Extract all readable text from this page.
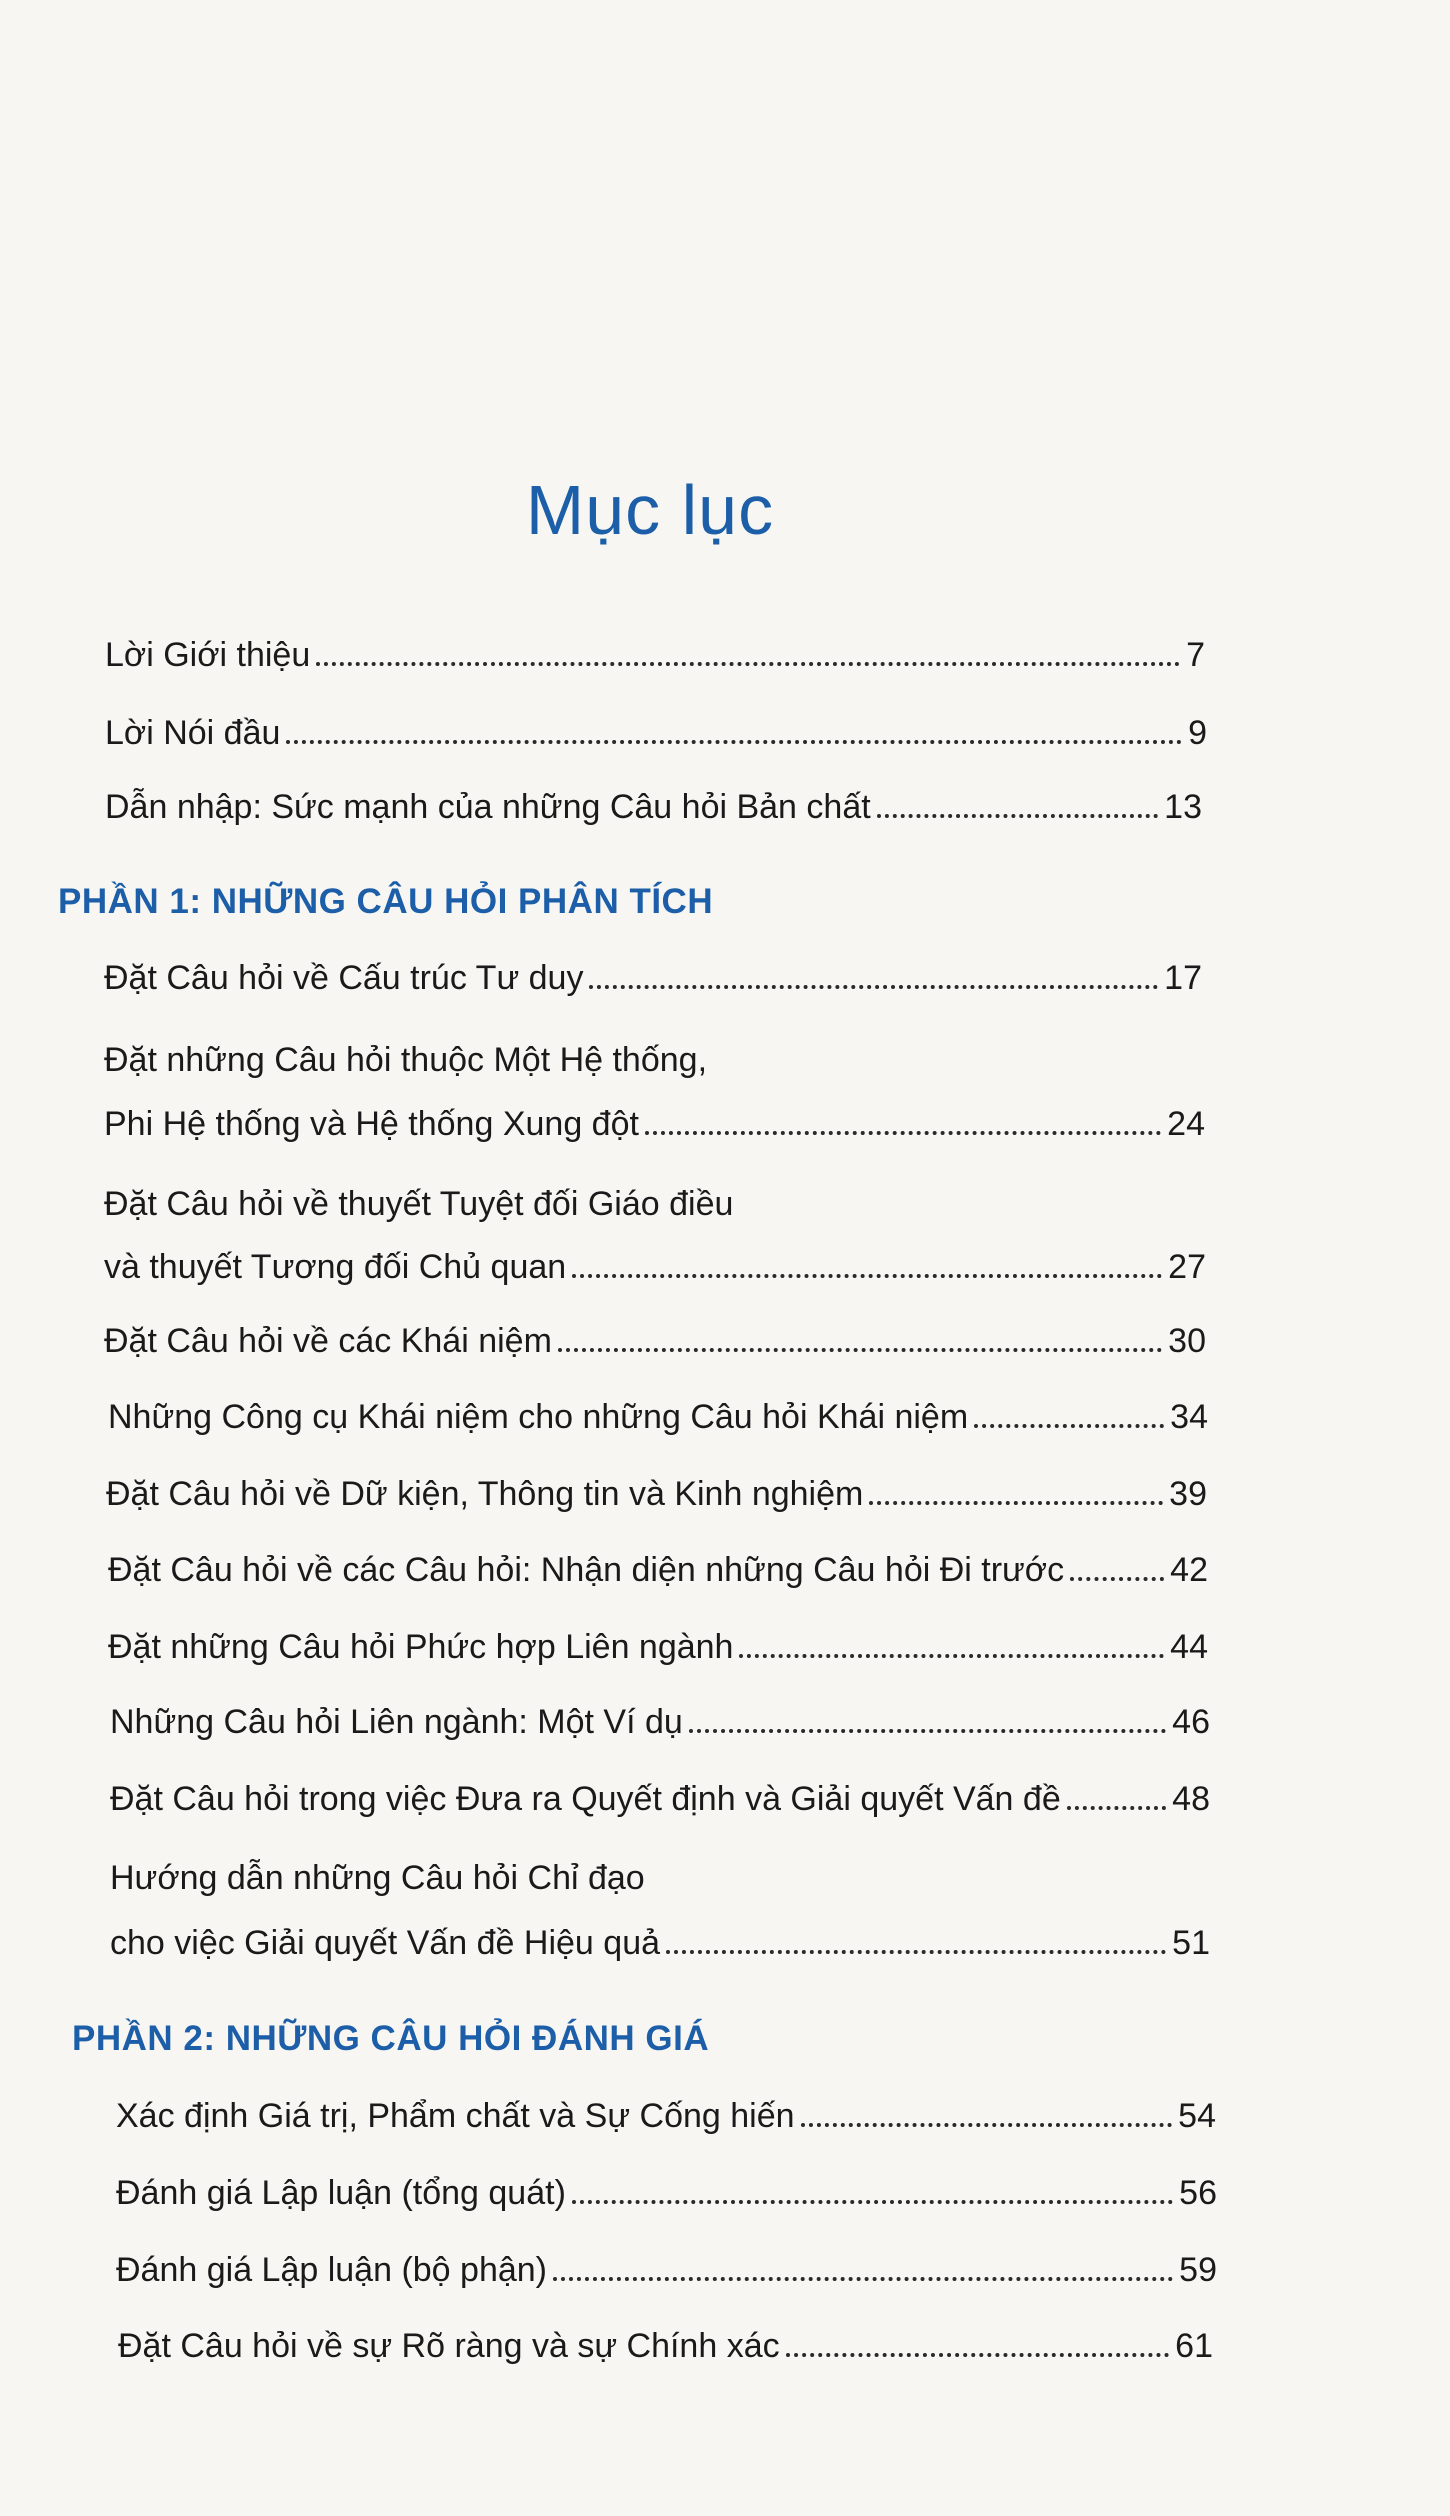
Mục lục
Lời Giới thiệu	7
Lời Nói đầu	9
Dẫn nhập: Sức mạnh của những Câu hỏi Bản chất	13
PHẦN 1: NHỮNG CÂU HỎI PHÂN TÍCH
Đặt Câu hỏi về Cấu trúc Tư duy	17
Đặt những Câu hỏi thuộc Một Hệ thống,
Phi Hệ thống và Hệ thống Xung đột	24
Đặt Câu hỏi về thuyết Tuyệt đối Giáo điều
và thuyết Tương đối Chủ quan	27
Đặt Câu hỏi về các Khái niệm	30
Những Công cụ Khái niệm cho những Câu hỏi Khái niệm	34
Đặt Câu hỏi về Dữ kiện, Thông tin và Kinh nghiệm	39
Đặt Câu hỏi về các Câu hỏi: Nhận diện những Câu hỏi Đi trước	42
Đặt những Câu hỏi Phức hợp Liên ngành	44
Những Câu hỏi Liên ngành: Một Ví dụ	46
Đặt Câu hỏi trong việc Đưa ra Quyết định và Giải quyết Vấn đề	48
Hướng dẫn những Câu hỏi Chỉ đạo
cho việc Giải quyết Vấn đề Hiệu quả	51
PHẦN 2: NHỮNG CÂU HỎI ĐÁNH GIÁ
Xác định Giá trị, Phẩm chất và Sự Cống hiến	54
Đánh giá Lập luận (tổng quát)	56
Đánh giá Lập luận (bộ phận)	59
Đặt Câu hỏi về sự Rõ ràng và sự Chính xác	61
